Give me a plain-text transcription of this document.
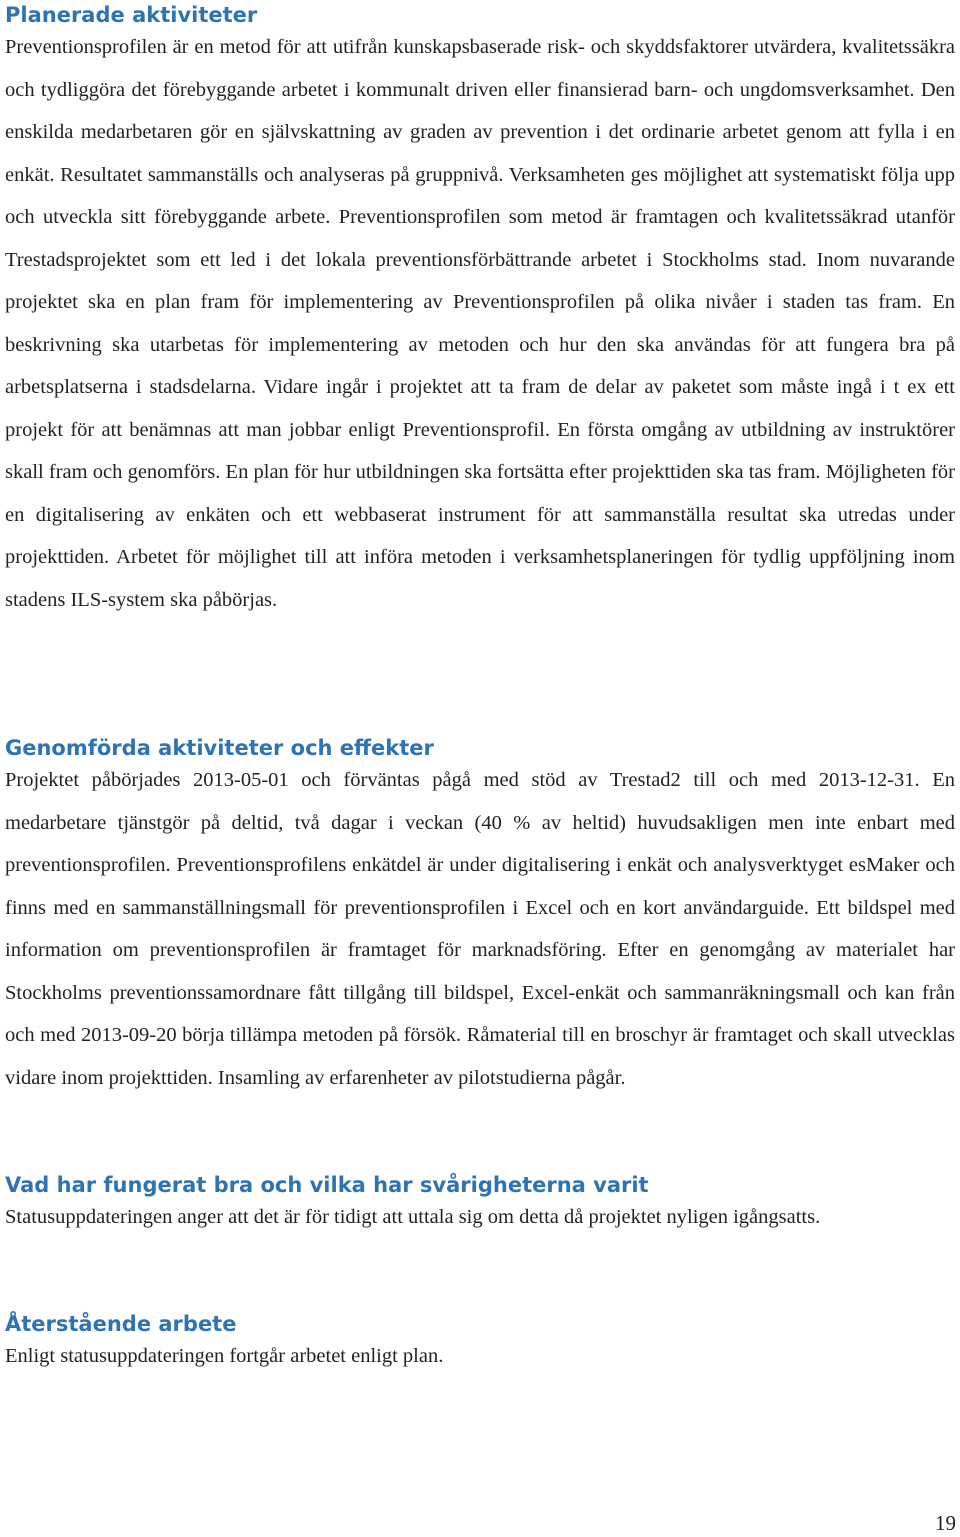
Planerade aktiviteter

Preventionsprofilen är en metod för att utifrån kunskapsbaserade risk- och skyddsfaktorer utvärdera, kvalitetssäkra och tydliggöra det förebyggande arbetet i kommunalt driven eller finansierad barn- och ungdomsverksamhet. Den enskilda medarbetaren gör en självskattning av graden av prevention i det ordinarie arbetet genom att fylla i en enkät. Resultatet sammanställs och analyseras på gruppnivå. Verksamheten ges möjlighet att systematiskt följa upp och utveckla sitt förebyggande arbete. Preventionsprofilen som metod är framtagen och kvalitetssäkrad utanför Trestadsprojektet som ett led i det lokala preventionsförbättrande arbetet i Stockholms stad. Inom nuvarande projektet ska en plan fram för implementering av Preventionsprofilen på olika nivåer i staden tas fram. En beskrivning ska utarbetas för implementering av metoden och hur den ska användas för att fungera bra på arbetsplatserna i stadsdelarna. Vidare ingår i projektet att ta fram de delar av paketet som måste ingå i t ex ett projekt för att benämnas att man jobbar enligt Preventionsprofil. En första omgång av utbildning av instruktörer skall fram och genomförs. En plan för hur utbildningen ska fortsätta efter projekttiden ska tas fram. Möjligheten för en digitalisering av enkäten och ett webbaserat instrument för att sammanställa resultat ska utredas under projekttiden. Arbetet för möjlighet till att införa metoden i verksamhetsplaneringen för tydlig uppföljning inom stadens ILS-system ska påbörjas.

Genomförda aktiviteter och effekter

Projektet påbörjades 2013-05-01 och förväntas pågå med stöd av Trestad2 till och med 2013-12-31. En medarbetare tjänstgör på deltid, två dagar i veckan (40 % av heltid) huvudsakligen men inte enbart med preventionsprofilen. Preventionsprofilens enkätdel är under digitalisering i enkät och analysverktyget esMaker och finns med en sammanställningsmall för preventionsprofilen i Excel och en kort användarguide. Ett bildspel med information om preventionsprofilen är framtaget för marknadsföring. Efter en genomgång av materialet har Stockholms preventionssamordnare fått tillgång till bildspel, Excel-enkät och sammanräkningsmall och kan från och med 2013-09-20 börja tillämpa metoden på försök. Råmaterial till en broschyr är framtaget och skall utvecklas vidare inom projekttiden. Insamling av erfarenheter av pilotstudierna pågår.

Vad har fungerat bra och vilka har svårigheterna varit

Statusuppdateringen anger att det är för tidigt att uttala sig om detta då projektet nyligen igångsatts.

Återstående arbete

Enligt statusuppdateringen fortgår arbetet enligt plan.

19
